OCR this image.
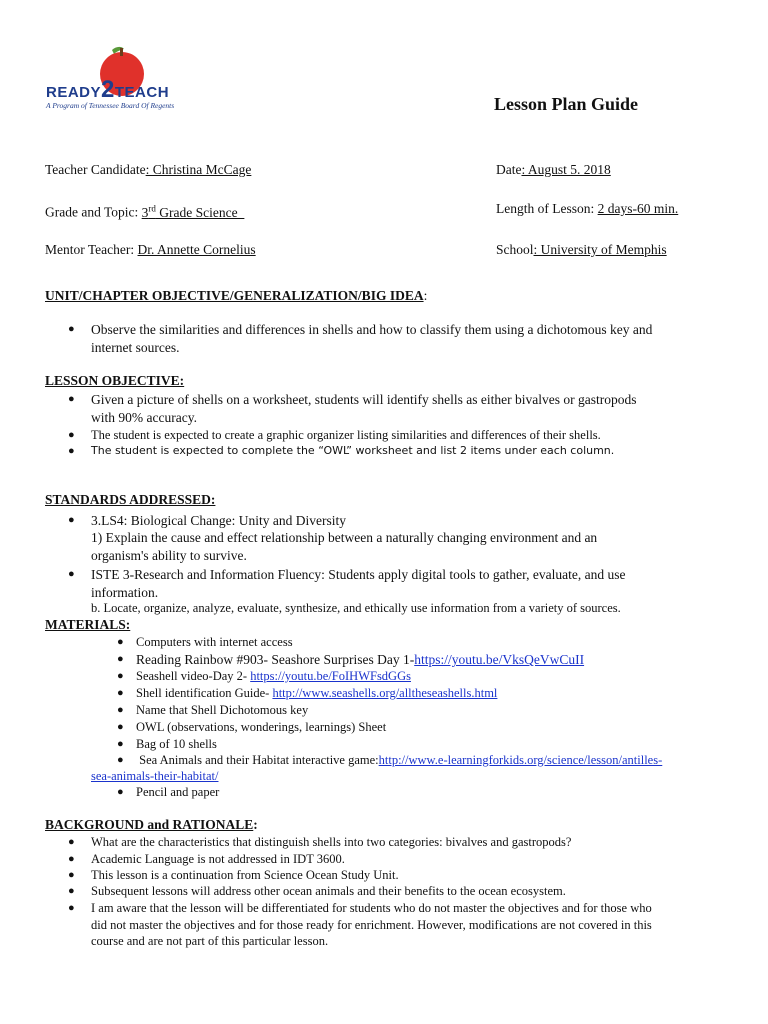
READY2TEACH
A Program of Tennessee Board Of Regents	Lesson Plan Guide
Teacher Candidate: Christina McCage	Date: August 5. 2018
Grade and Topic: 3rd Grade Science	Length of Lesson: 2 days-60 min.
Mentor Teacher: Dr. Annette Cornelius	School: University of Memphis
UNIT/CHAPTER OBJECTIVE/GENERALIZATION/BIG IDEA:
● Observe the similarities and differences in shells and how to classify them using a dichotomous key and
internet sources.
LESSON OBJECTIVE:
● Given a picture of shells on a worksheet, students will identify shells as either bivalves or gastropods
with 90% accuracy.
● The student is expected to create a graphic organizer listing similarities and differences of their shells.
● The student is expected to complete the “OWL” worksheet and list 2 items under each column.
STANDARDS ADDRESSED:
● 3.LS4: Biological Change: Unity and Diversity
1) Explain the cause and effect relationship between a naturally changing environment and an
organism's ability to survive.
● ISTE 3-Research and Information Fluency: Students apply digital tools to gather, evaluate, and use
information.
b. Locate, organize, analyze, evaluate, synthesize, and ethically use information from a variety of sources.
MATERIALS:
● Computers with internet access
● Reading Rainbow #903- Seashore Surprises Day 1-https://youtu.be/VksQeVwCuII
● Seashell video-Day 2- https://youtu.be/FoIHWFsdGGs
● Shell identification Guide- http://www.seashells.org/alltheseashells.html
● Name that Shell Dichotomous key
● OWL (observations, wonderings, learnings) Sheet
● Bag of 10 shells
● Sea Animals and their Habitat interactive game:http://www.e-learningforkids.org/science/lesson/antilles-
sea-animals-their-habitat/
● Pencil and paper
BACKGROUND and RATIONALE:
● What are the characteristics that distinguish shells into two categories: bivalves and gastropods?
● Academic Language is not addressed in IDT 3600.
● This lesson is a continuation from Science Ocean Study Unit.
● Subsequent lessons will address other ocean animals and their benefits to the ocean ecosystem.
● I am aware that the lesson will be differentiated for students who do not master the objectives and for those who
did not master the objectives and for those ready for enrichment. However, modifications are not covered in this
course and are not part of this particular lesson.
